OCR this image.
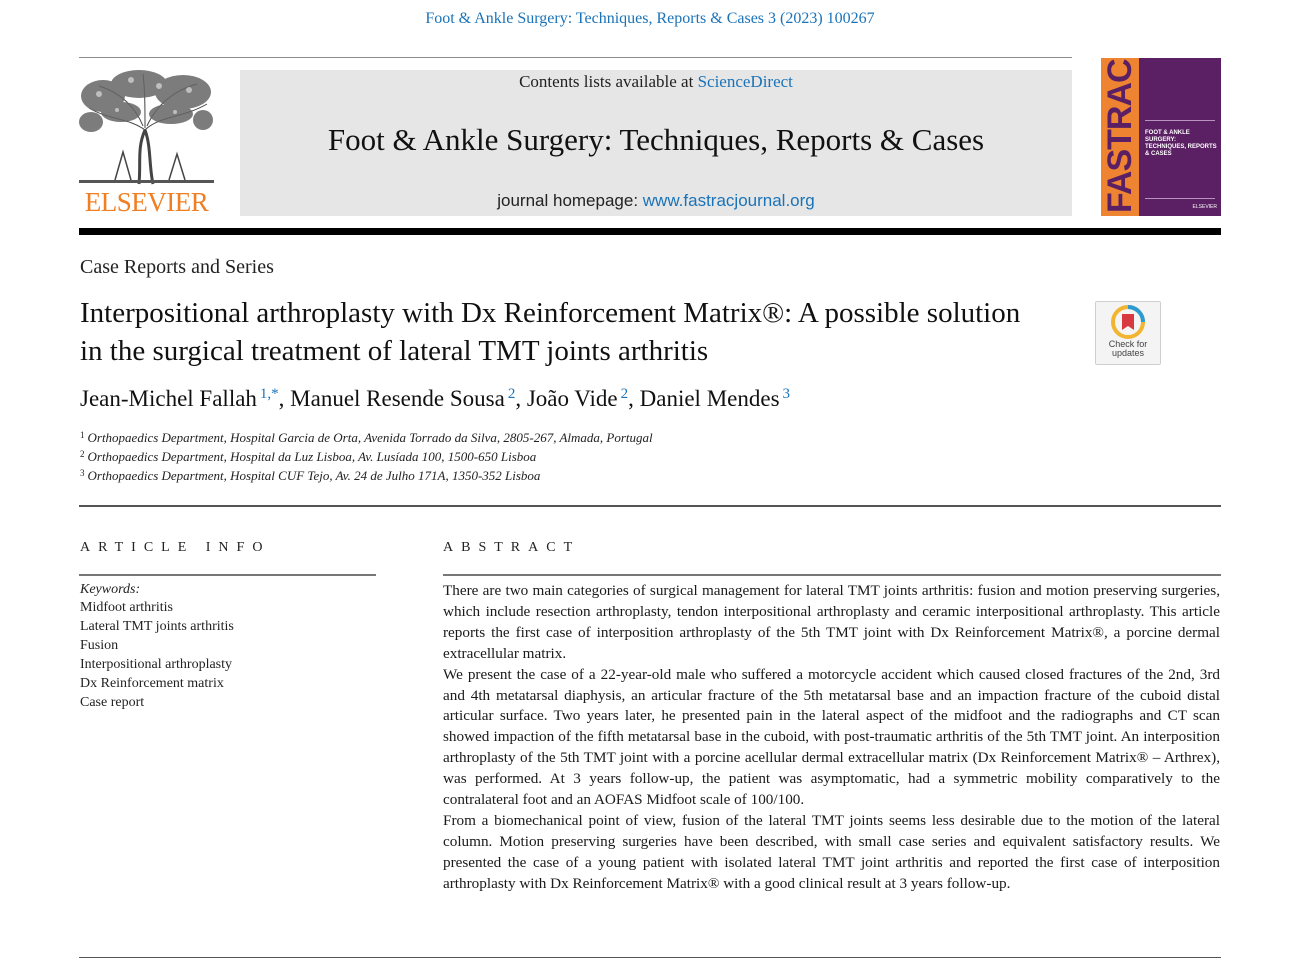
Foot & Ankle Surgery: Techniques, Reports & Cases 3 (2023) 100267
ELSEVIER
Contents lists available at ScienceDirect
Foot & Ankle Surgery: Techniques, Reports & Cases
journal homepage: www.fastracjournal.org	FASTRAC FOOT & ANKLE SURGERY: TECHNIQUES, REPORTS & CASES
ELSEVIER
Case Reports and Series
Interpositional arthroplasty with Dx Reinforcement Matrix®: A possible solution in the surgical treatment of lateral TMT joints arthritis	Check for updates
Jean-Michel Fallah $^{1,*}$, Manuel Resende Sousa $^2$, João Vide $^2$, Daniel Mendes $^3$
$^1$ Orthopaedics Department, Hospital Garcia de Orta, Avenida Torrado da Silva, 2805-267, Almada, Portugal
$^2$ Orthopaedics Department, Hospital da Luz Lisboa, Av. Lusíada 100, 1500-650 Lisboa
$^3$ Orthopaedics Department, Hospital CUF Tejo, Av. 24 de Julho 171A, 1350-352 Lisboa
ARTICLE INFO
Keywords:
Midfoot arthritis
Lateral TMT joints arthritis
Fusion
Interpositional arthroplasty
Dx Reinforcement matrix
Case report
ABSTRACT

There are two main categories of surgical management for lateral TMT joints arthritis: fusion and motion preserving surgeries, which include resection arthroplasty, tendon interpositional arthroplasty and ceramic interpositional arthroplasty. This article reports the first case of interposition arthroplasty of the 5th TMT joint with Dx Reinforcement Matrix®, a porcine dermal extracellular matrix.

We present the case of a 22-year-old male who suffered a motorcycle accident which caused closed fractures of the 2nd, 3rd and 4th metatarsal diaphysis, an articular fracture of the 5th metatarsal base and an impaction fracture of the cuboid distal articular surface. Two years later, he presented pain in the lateral aspect of the midfoot and the radiographs and CT scan showed impaction of the fifth metatarsal base in the cuboid, with post-traumatic arthritis of the 5th TMT joint. An interposition arthroplasty of the 5th TMT joint with a porcine acellular dermal extracellular matrix (Dx Reinforcement Matrix® – Arthrex), was performed. At 3 years follow-up, the patient was asymptomatic, had a symmetric mobility comparatively to the contralateral foot and an AOFAS Midfoot scale of 100/100.

From a biomechanical point of view, fusion of the lateral TMT joints seems less desirable due to the motion of the lateral column. Motion preserving surgeries have been described, with small case series and equivalent satisfactory results. We presented the case of a young patient with isolated lateral TMT joint arthritis and reported the first case of interposition arthroplasty with Dx Reinforcement Matrix® with a good clinical result at 3 years follow-up.
